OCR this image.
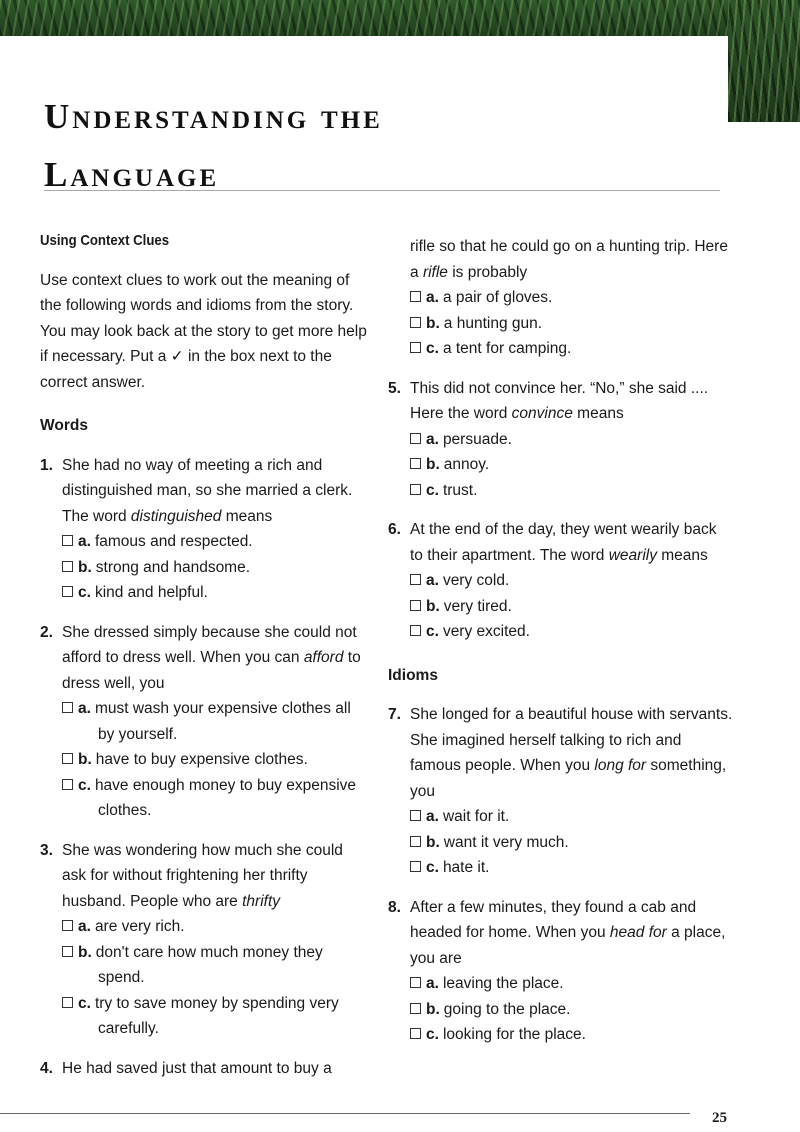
Understanding the
Language
Using Context Clues
Use context clues to work out the meaning of the following words and idioms from the story. You may look back at the story to get more help if necessary. Put a ✓ in the box next to the correct answer.
Words
1. She had no way of meeting a rich and distinguished man, so she married a clerk. The word distinguished means
a. famous and respected.
b. strong and handsome.
c. kind and helpful.
2. She dressed simply because she could not afford to dress well. When you can afford to dress well, you
a. must wash your expensive clothes all by yourself.
b. have to buy expensive clothes.
c. have enough money to buy expensive clothes.
3. She was wondering how much she could ask for without frightening her thrifty husband. People who are thrifty
a. are very rich.
b. don't care how much money they spend.
c. try to save money by spending very carefully.
4. He had saved just that amount to buy a
rifle so that he could go on a hunting trip. Here a rifle is probably
a. a pair of gloves.
b. a hunting gun.
c. a tent for camping.
5. This did not convince her. “No,” she said .... Here the word convince means
a. persuade.
b. annoy.
c. trust.
6. At the end of the day, they went wearily back to their apartment. The word wearily means
a. very cold.
b. very tired.
c. very excited.
Idioms
7. She longed for a beautiful house with servants. She imagined herself talking to rich and famous people. When you long for something, you
a. wait for it.
b. want it very much.
c. hate it.
8. After a few minutes, they found a cab and headed for home. When you head for a place, you are
a. leaving the place.
b. going to the place.
c. looking for the place.
25
